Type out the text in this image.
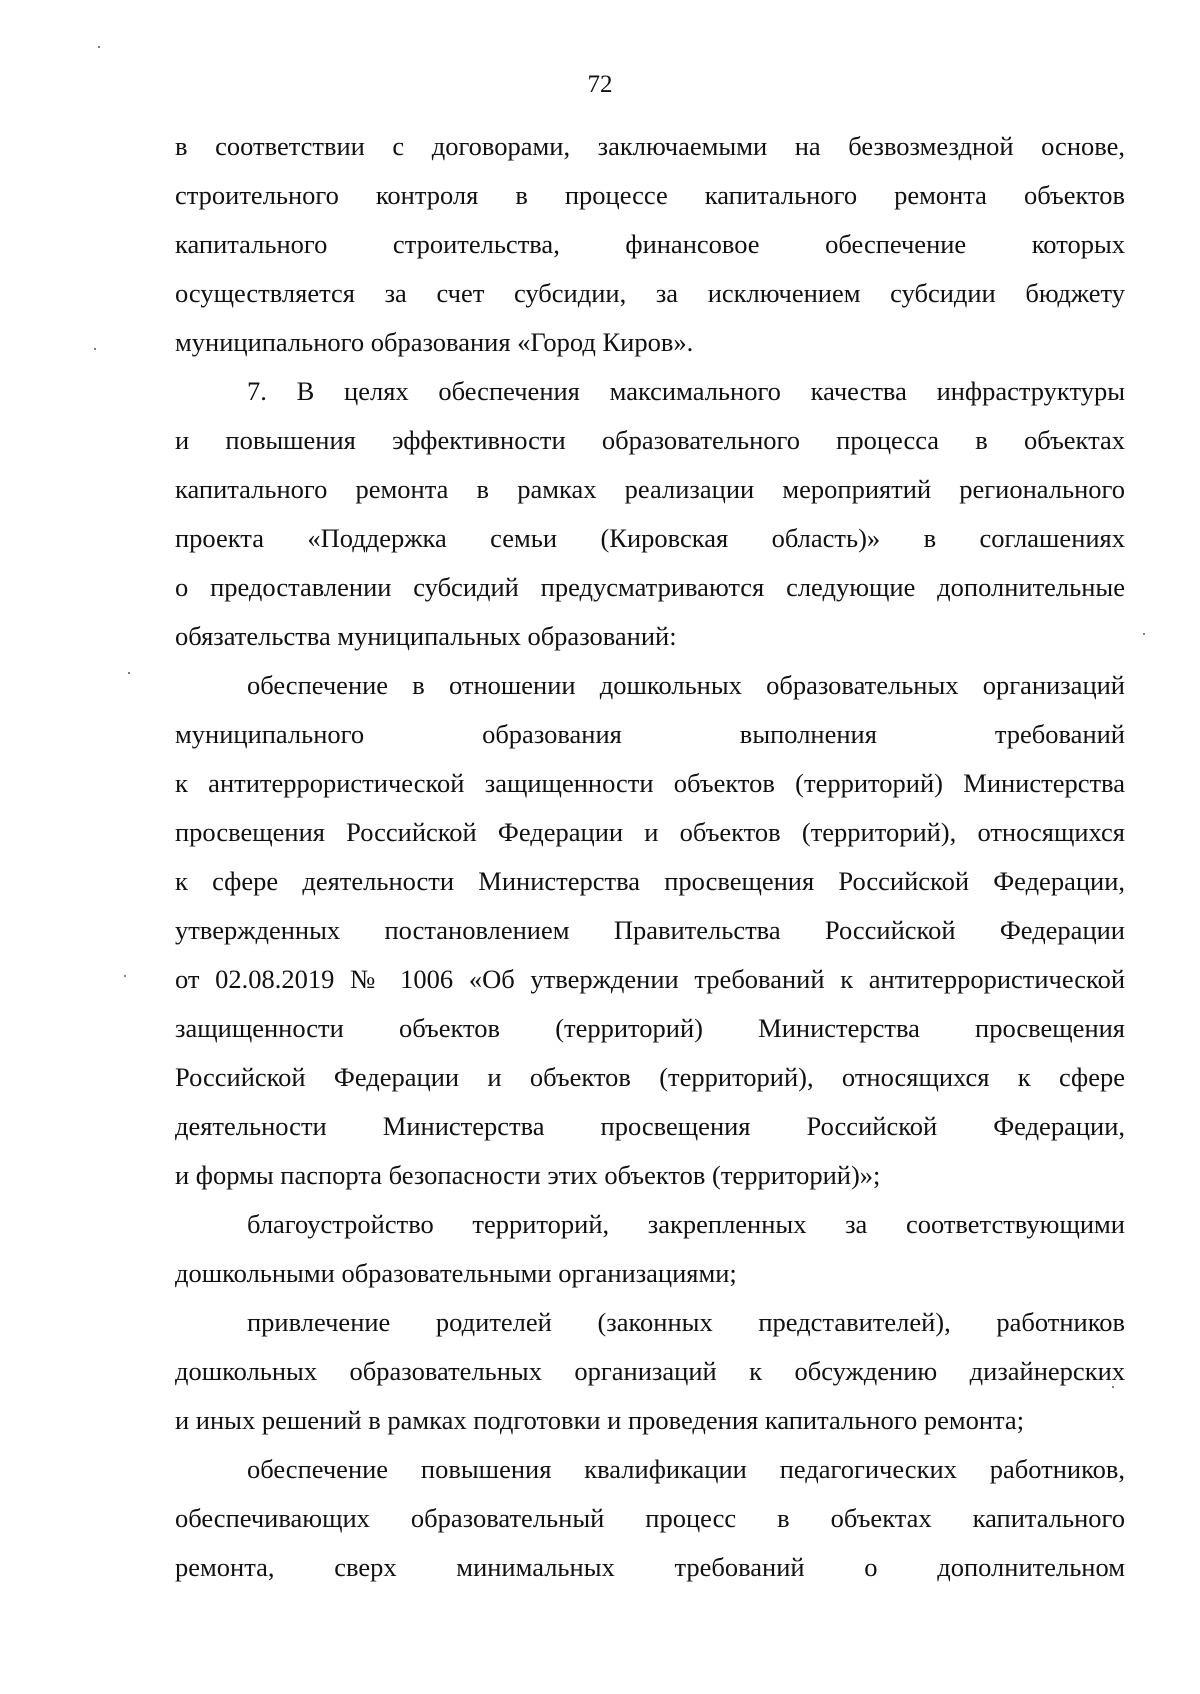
72
в соответствии с договорами, заключаемыми на безвозмездной основе,
строительного контроля в процессе капитального ремонта объектов
капитального строительства, финансовое обеспечение которых
осуществляется за счет субсидии, за исключением субсидии бюджету
муниципального образования «Город Киров».
7. В целях обеспечения максимального качества инфраструктуры
и повышения эффективности образовательного процесса в объектах
капитального ремонта в рамках реализации мероприятий регионального
проекта «Поддержка семьи (Кировская область)» в соглашениях
о предоставлении субсидий предусматриваются следующие дополнительные
обязательства муниципальных образований:
обеспечение в отношении дошкольных образовательных организаций
муниципального образования выполнения требований
к антитеррористической защищенности объектов (территорий) Министерства
просвещения Российской Федерации и объектов (территорий), относящихся
к сфере деятельности Министерства просвещения Российской Федерации,
утвержденных постановлением Правительства Российской Федерации
от 02.08.2019 № 1006 «Об утверждении требований к антитеррористической
защищенности объектов (территорий) Министерства просвещения
Российской Федерации и объектов (территорий), относящихся к сфере
деятельности Министерства просвещения Российской Федерации,
и формы паспорта безопасности этих объектов (территорий)»;
благоустройство территорий, закрепленных за соответствующими
дошкольными образовательными организациями;
привлечение родителей (законных представителей), работников
дошкольных образовательных организаций к обсуждению дизайнерских
и иных решений в рамках подготовки и проведения капитального ремонта;
обеспечение повышения квалификации педагогических работников,
обеспечивающих образовательный процесс в объектах капитального
ремонта, сверх минимальных требований о дополнительном
